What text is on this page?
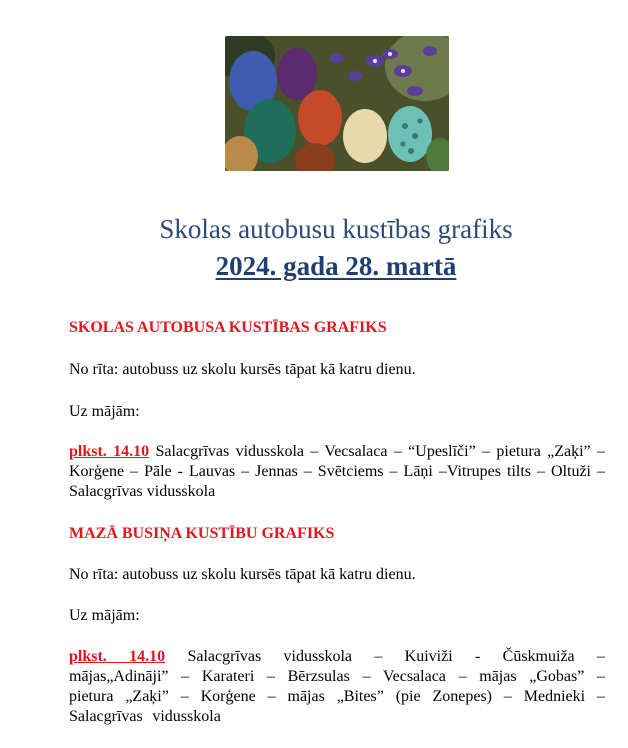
Skolas autobusu kustības grafiks
2024. gada 28. martā
SKOLAS AUTOBUSA KUSTĪBAS GRAFIKS
No rīta: autobuss uz skolu kursēs tāpat kā katru dienu.
Uz mājām:
plkst. 14.10 Salacgrīvas vidusskola – Vecsalaca – “Upeslīči” – pietura „Zaķi” – Korģene – Pāle - Lauvas – Jennas – Svētciems – Lāņi –Vitrupes tilts – Oltuži – Salacgrīvas vidusskola
MAZĀ BUSIŅA KUSTĪBU GRAFIKS
No rīta: autobuss uz skolu kursēs tāpat kā katru dienu.
Uz mājām:
plkst. 14.10 Salacgrīvas vidusskola – Kuiviži - Čūskmuiža – mājas„Adināji” – Karateri – Bērzsulas – Vecsalaca – mājas „Gobas” – pietura „Zaķi” – Korģene – mājas „Bites” (pie Zonepes) – Mednieki – Salacgrīvas vidusskola
